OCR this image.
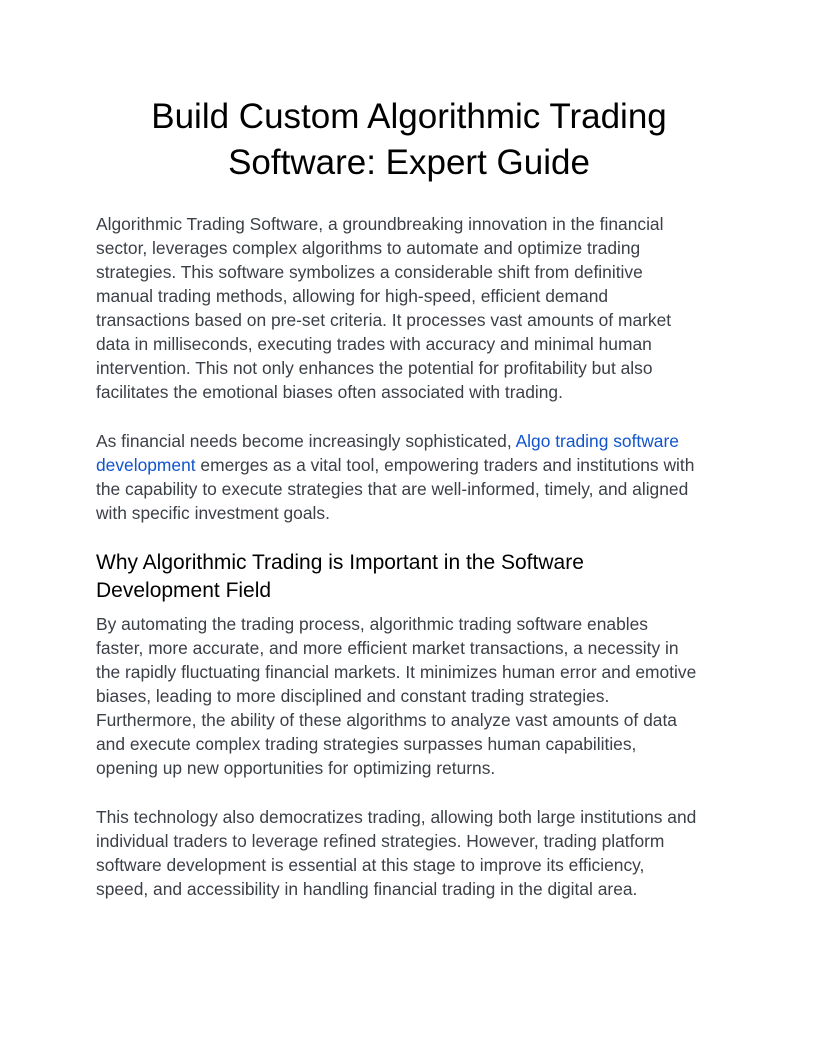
Build Custom Algorithmic Trading
Software: Expert Guide

Algorithmic Trading Software, a groundbreaking innovation in the financial
sector, leverages complex algorithms to automate and optimize trading
strategies. This software symbolizes a considerable shift from definitive
manual trading methods, allowing for high-speed, efficient demand
transactions based on pre-set criteria. It processes vast amounts of market
data in milliseconds, executing trades with accuracy and minimal human
intervention. This not only enhances the potential for profitability but also
facilitates the emotional biases often associated with trading.

As financial needs become increasingly sophisticated, Algo trading software
development emerges as a vital tool, empowering traders and institutions with
the capability to execute strategies that are well-informed, timely, and aligned
with specific investment goals.

Why Algorithmic Trading is Important in the Software
Development Field

By automating the trading process, algorithmic trading software enables
faster, more accurate, and more efficient market transactions, a necessity in
the rapidly fluctuating financial markets. It minimizes human error and emotive
biases, leading to more disciplined and constant trading strategies.
Furthermore, the ability of these algorithms to analyze vast amounts of data
and execute complex trading strategies surpasses human capabilities,
opening up new opportunities for optimizing returns.

This technology also democratizes trading, allowing both large institutions and
individual traders to leverage refined strategies. However, trading platform
software development is essential at this stage to improve its efficiency,
speed, and accessibility in handling financial trading in the digital area.
